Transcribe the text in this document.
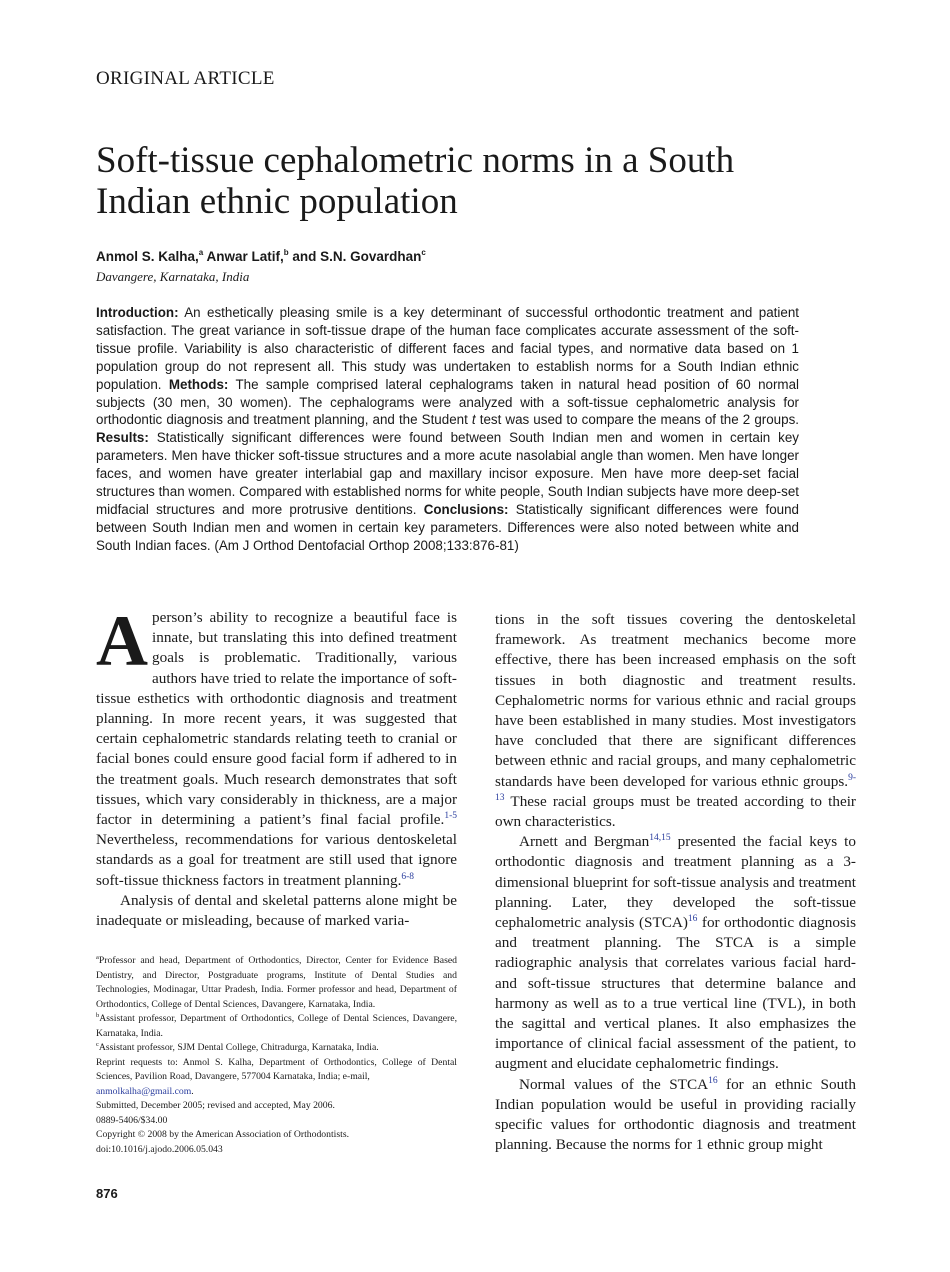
ORIGINAL ARTICLE
Soft-tissue cephalometric norms in a South
Indian ethnic population
Anmol S. Kalha,$^a$ Anwar Latif,$^b$ and S.N. Govardhan$^c$
Davangere, Karnataka, India
Introduction: An esthetically pleasing smile is a key determinant of successful orthodontic treatment and patient satisfaction. The great variance in soft-tissue drape of the human face complicates accurate assessment of the soft-tissue profile. Variability is also characteristic of different faces and facial types, and normative data based on 1 population group do not represent all. This study was undertaken to establish norms for a South Indian ethnic population. Methods: The sample comprised lateral cephalograms taken in natural head position of 60 normal subjects (30 men, 30 women). The cephalograms were analyzed with a soft-tissue cephalometric analysis for orthodontic diagnosis and treatment planning, and the Student t test was used to compare the means of the 2 groups. Results: Statistically significant differences were found between South Indian men and women in certain key parameters. Men have thicker soft-tissue structures and a more acute nasolabial angle than women. Men have longer faces, and women have greater interlabial gap and maxillary incisor exposure. Men have more deep-set facial structures than women. Compared with established norms for white people, South Indian subjects have more deep-set midfacial structures and more protrusive dentitions. Conclusions: Statistically significant differences were found between South Indian men and women in certain key parameters. Differences were also noted between white and South Indian faces. (Am J Orthod Dentofacial Orthop 2008;133:876-81)

A person’s ability to recognize a beautiful face is innate, but translating this into defined treatment goals is problematic. Traditionally, various authors have tried to relate the importance of soft-tissue esthetics with orthodontic diagnosis and treatment planning. In more recent years, it was suggested that certain cephalometric standards relating teeth to cranial or facial bones could ensure good facial form if adhered to in the treatment goals. Much research demonstrates that soft tissues, which vary considerably in thickness, are a major factor in determining a patient’s final facial profile.$^{1-5}$ Nevertheless, recommendations for various dentoskeletal standards as a goal for treatment are still used that ignore soft-tissue thickness factors in treatment planning.$^{6-8}$

Analysis of dental and skeletal patterns alone might be inadequate or misleading, because of marked varia-

$^a$Professor and head, Department of Orthodontics, Director, Center for Evidence Based Dentistry, and Director, Postgraduate programs, Institute of Dental Studies and Technologies, Modinagar, Uttar Pradesh, India. Former professor and head, Department of Orthodontics, College of Dental Sciences, Davangere, Karnataka, India.

$^b$Assistant professor, Department of Orthodontics, College of Dental Sciences, Davangere, Karnataka, India.

$^c$Assistant professor, SJM Dental College, Chitradurga, Karnataka, India.

Reprint requests to: Anmol S. Kalha, Department of Orthodontics, College of Dental Sciences, Pavilion Road, Davangere, 577004 Karnataka, India; e-mail,
anmolkalha@gmail.com.

Submitted, December 2005; revised and accepted, May 2006.

0889-5406/$34.00

Copyright © 2008 by the American Association of Orthodontists.

doi:10.1016/j.ajodo.2006.05.043

tions in the soft tissues covering the dentoskeletal framework. As treatment mechanics become more effective, there has been increased emphasis on the soft tissues in both diagnostic and treatment results. Cephalometric norms for various ethnic and racial groups have been established in many studies. Most investigators have concluded that there are significant differences between ethnic and racial groups, and many cephalometric standards have been developed for various ethnic groups.$^{9-13}$ These racial groups must be treated according to their own characteristics.

Arnett and Bergman$^{14,15}$ presented the facial keys to orthodontic diagnosis and treatment planning as a 3-dimensional blueprint for soft-tissue analysis and treatment planning. Later, they developed the soft-tissue cephalometric analysis (STCA)$^{16}$ for orthodontic diagnosis and treatment planning. The STCA is a simple radiographic analysis that correlates various facial hard- and soft-tissue structures that determine balance and harmony as well as to a true vertical line (TVL), in both the sagittal and vertical planes. It also emphasizes the importance of clinical facial assessment of the patient, to augment and elucidate cephalometric findings.

Normal values of the STCA$^{16}$ for an ethnic South Indian population would be useful in providing racially specific values for orthodontic diagnosis and treatment planning. Because the norms for 1 ethnic group might

876
